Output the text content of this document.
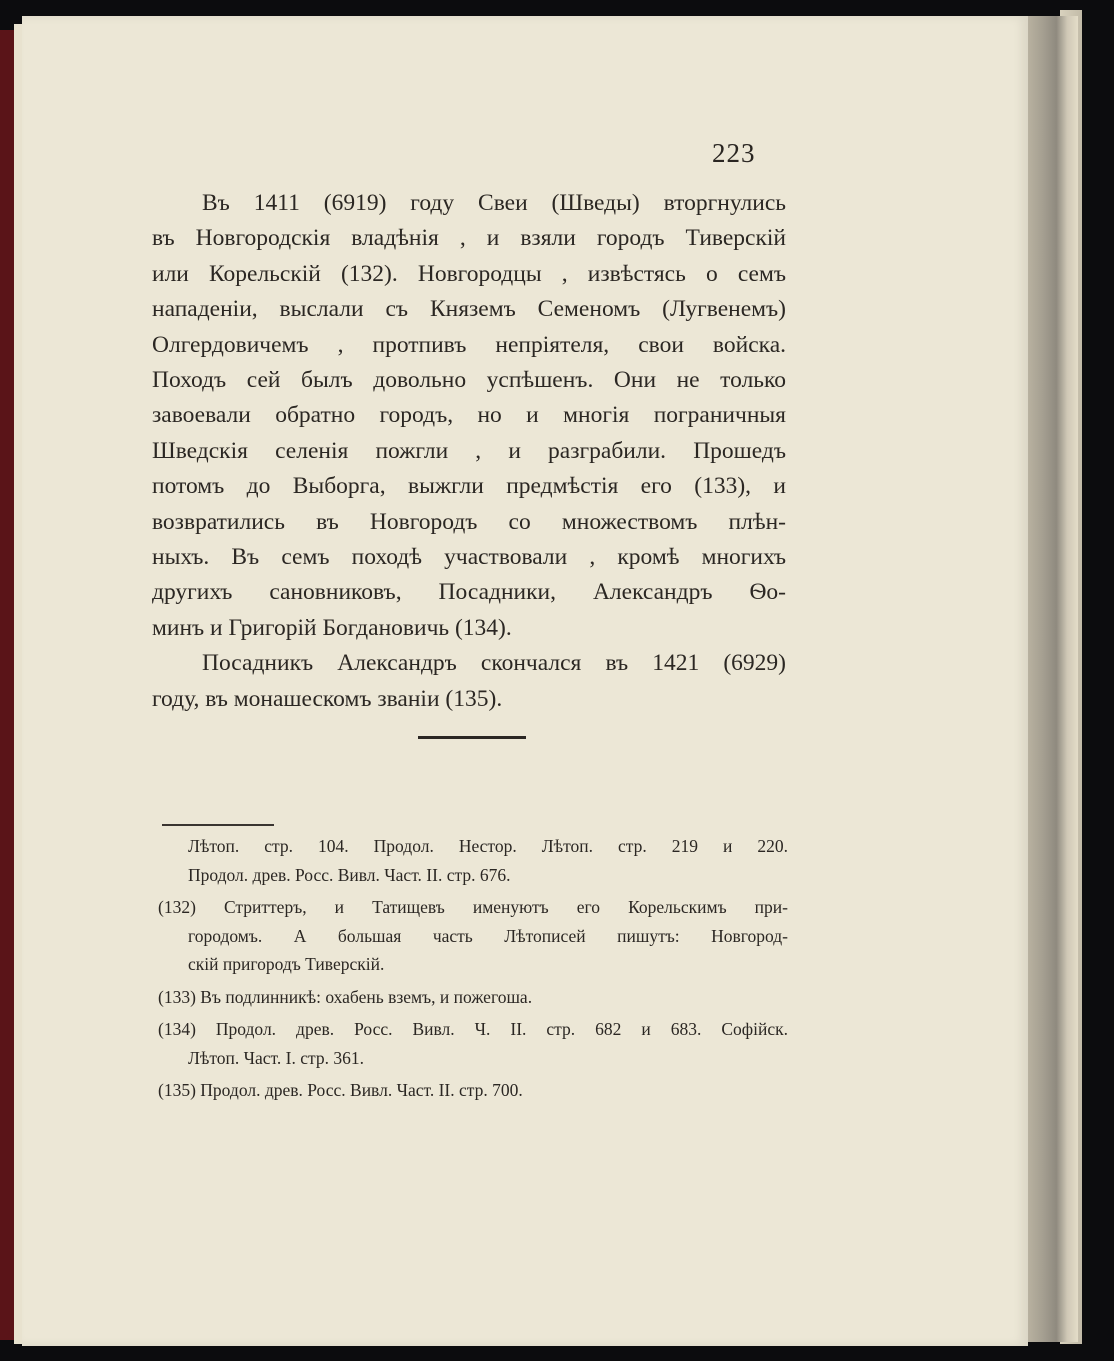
223

Въ 1411 (6919) году Свеи (Шведы) вторгнулись

въ Новгородскія владѣнія , и взяли городъ Тиверскій

или Корельскій (132). Новгородцы , извѣстясь о семъ

нападеніи, выслали съ Княземъ Семеномъ (Лугвенемъ)

Олгердовичемъ , протпивъ непріятеля, свои войска.

Походъ сей былъ довольно успѣшенъ. Они не только

завоевали обратно городъ, но и многія пограничныя

Шведскія селенія пожгли , и разграбили. Прошедъ

потомъ до Выборга, выжгли предмѣстія его (133), и

возвратились въ Новгородъ со множествомъ плѣн-

ныхъ. Въ семъ походѣ участвовали , кромѣ многихъ

другихъ сановниковъ, Посадники, Александръ Ѳо-

минъ и Григорій Богдановичь (134).

Посадникъ Александръ скончался въ 1421 (6929)

году, въ монашескомъ званіи (135).

Лѣтоп. стр. 104. Продол. Нестор. Лѣтоп. стр. 219 и 220.
Продол. древ. Росс. Вивл. Част. II. стр. 676.
(132) Стриттеръ, и Татищевъ именуютъ его Корельскимъ при-
городомъ. А большая часть Лѣтописей пишутъ: Новгород-
скій пригородъ Тиверскій.
(133) Въ подлинникѣ: охабень вземъ, и пожегоша.
(134) Продол. древ. Росс. Вивл. Ч. II. стр. 682 и 683. Софійск.
Лѣтоп. Част. I. стр. 361.
(135) Продол. древ. Росс. Вивл. Част. II. стр. 700.
